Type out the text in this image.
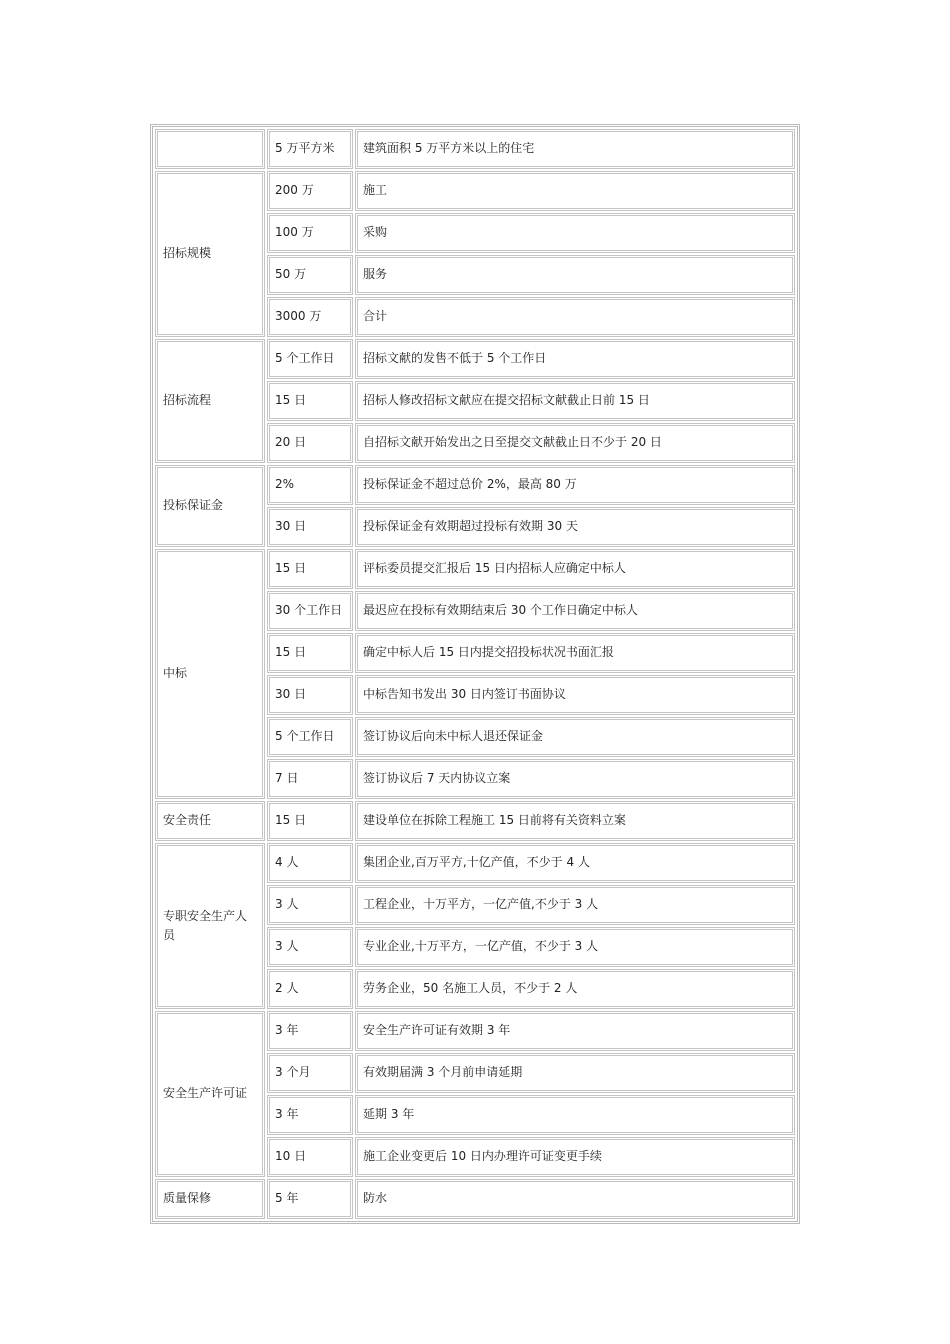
	5 万平方米	建筑面积 5 万平方米以上的住宅
招标规模	200 万	施工
	100 万	采购
	50 万	服务
	3000 万	合计
招标流程	5 个工作日	招标文献的发售不低于 5 个工作日
	15 日	招标人修改招标文献应在提交招标文献截止日前 15 日
	20 日	自招标文献开始发出之日至提交文献截止日不少于 20 日
投标保证金	2%	投标保证金不超过总价 2%，最高 80 万
	30 日	投标保证金有效期超过投标有效期 30 天
中标	15 日	评标委员提交汇报后 15 日内招标人应确定中标人
	30 个工作日	最迟应在投标有效期结束后 30 个工作日确定中标人
	15 日	确定中标人后 15 日内提交招投标状况书面汇报
	30 日	中标告知书发出 30 日内签订书面协议
	5 个工作日	签订协议后向未中标人退还保证金
	7 日	签订协议后 7 天内协议立案
安全责任	15 日	建设单位在拆除工程施工 15 日前将有关资料立案
专职安全生产人员	4 人	集团企业,百万平方,十亿产值，不少于 4 人
	3 人	工程企业，十万平方，一亿产值,不少于 3 人
	3 人	专业企业,十万平方，一亿产值，不少于 3 人
	2 人	劳务企业，50 名施工人员，不少于 2 人
安全生产许可证	3 年	安全生产许可证有效期 3 年
	3 个月	有效期届满 3 个月前申请延期
	3 年	延期 3 年
	10 日	施工企业变更后 10 日内办理许可证变更手续
质量保修	5 年	防水
